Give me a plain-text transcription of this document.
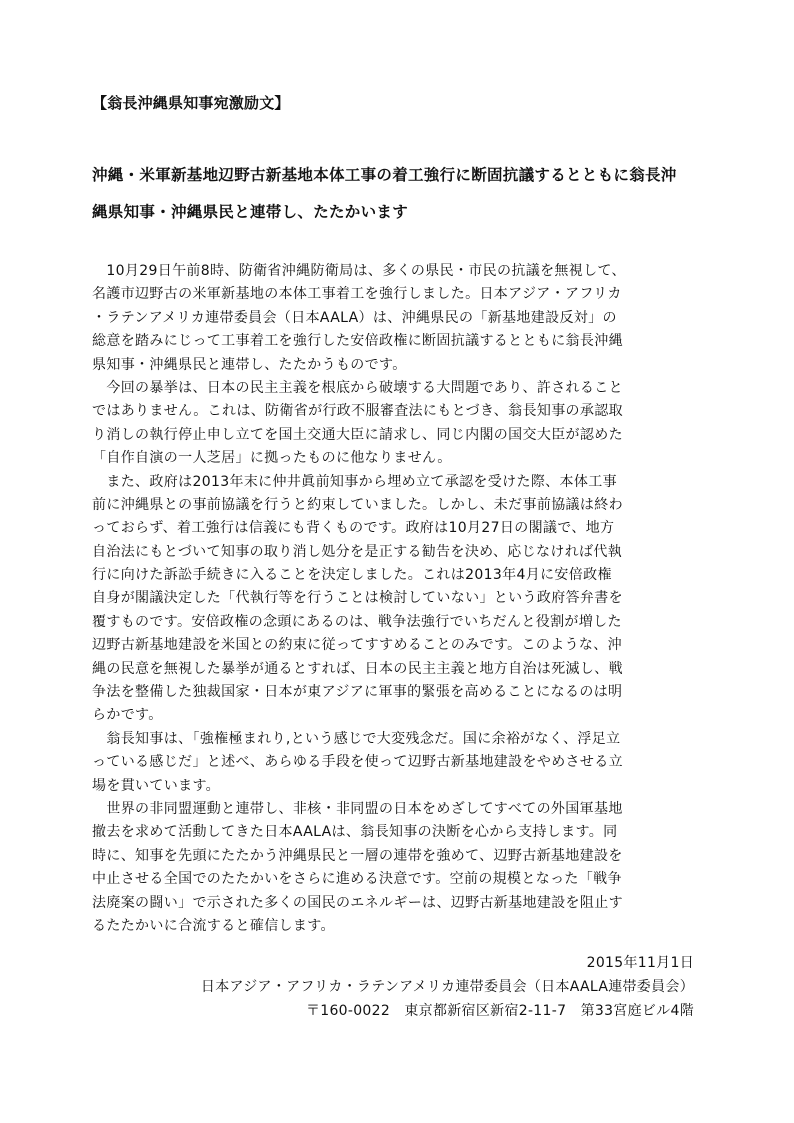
【翁長沖縄県知事宛激励文】
沖縄・米軍新基地辺野古新基地本体工事の着工強行に断固抗議するとともに翁長沖
縄県知事・沖縄県民と連帯し、たたかいます
　10月29日午前8時、防衛省沖縄防衛局は、多くの県民・市民の抗議を無視して、
名護市辺野古の米軍新基地の本体工事着工を強行しました。日本アジア・アフリカ
・ラテンアメリカ連帯委員会（日本AALA）は、沖縄県民の「新基地建設反対」の
総意を踏みにじって工事着工を強行した安倍政権に断固抗議するとともに翁長沖縄
県知事・沖縄県民と連帯し、たたかうものです。
　今回の暴挙は、日本の民主主義を根底から破壊する大問題であり、許されること
ではありません。これは、防衛省が行政不服審査法にもとづき、翁長知事の承認取
り消しの執行停止申し立てを国土交通大臣に請求し、同じ内閣の国交大臣が認めた
「自作自演の一人芝居」に拠ったものに他なりません。
　また、政府は2013年末に仲井眞前知事から埋め立て承認を受けた際、本体工事
前に沖縄県との事前協議を行うと約束していました。しかし、未だ事前協議は終わ
っておらず、着工強行は信義にも背くものです。政府は10月27日の閣議で、地方
自治法にもとづいて知事の取り消し処分を是正する勧告を決め、応じなければ代執
行に向けた訴訟手続きに入ることを決定しました。これは2013年4月に安倍政権
自身が閣議決定した「代執行等を行うことは検討していない」という政府答弁書を
覆すものです。安倍政権の念頭にあるのは、戦争法強行でいちだんと役割が増した
辺野古新基地建設を米国との約束に従ってすすめることのみです。このような、沖
縄の民意を無視した暴挙が通るとすれば、日本の民主主義と地方自治は死滅し、戦
争法を整備した独裁国家・日本が東アジアに軍事的緊張を高めることになるのは明
らかです。
　翁長知事は、「強権極まれり,という感じで大変残念だ。国に余裕がなく、浮足立
っている感じだ」と述べ、あらゆる手段を使って辺野古新基地建設をやめさせる立
場を貫いています。
　世界の非同盟運動と連帯し、非核・非同盟の日本をめざしてすべての外国軍基地
撤去を求めて活動してきた日本AALAは、翁長知事の決断を心から支持します。同
時に、知事を先頭にたたかう沖縄県民と一層の連帯を強めて、辺野古新基地建設を
中止させる全国でのたたかいをさらに進める決意です。空前の規模となった「戦争
法廃案の闘い」で示された多くの国民のエネルギーは、辺野古新基地建設を阻止す
るたたかいに合流すると確信します。
2015年11月1日
日本アジア・アフリカ・ラテンアメリカ連帯委員会（日本AALA連帯委員会）
〒160-0022　東京都新宿区新宿2-11-7　第33宮庭ビル4階
